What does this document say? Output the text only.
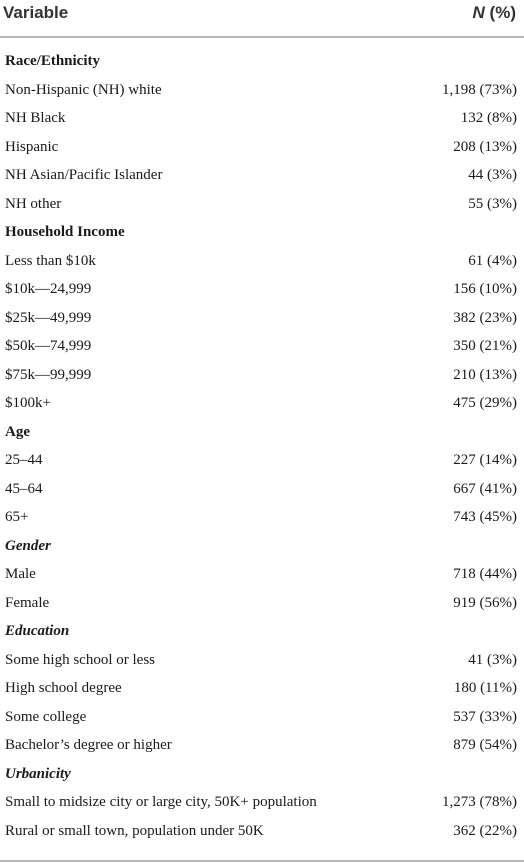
Variable	N (%)
Race/Ethnicity
Non-Hispanic (NH) white	1,198 (73%)
NH Black	132 (8%)
Hispanic	208 (13%)
NH Asian/Pacific Islander	44 (3%)
NH other	55 (3%)
Household Income
Less than $10k	61 (4%)
$10k—24,999	156 (10%)
$25k—49,999	382 (23%)
$50k—74,999	350 (21%)
$75k—99,999	210 (13%)
$100k+	475 (29%)
Age
25–44	227 (14%)
45–64	667 (41%)
65+	743 (45%)
Gender
Male	718 (44%)
Female	919 (56%)
Education
Some high school or less	41 (3%)
High school degree	180 (11%)
Some college	537 (33%)
Bachelor’s degree or higher	879 (54%)
Urbanicity
Small to midsize city or large city, 50K+ population	1,273 (78%)
Rural or small town, population under 50K	362 (22%)
